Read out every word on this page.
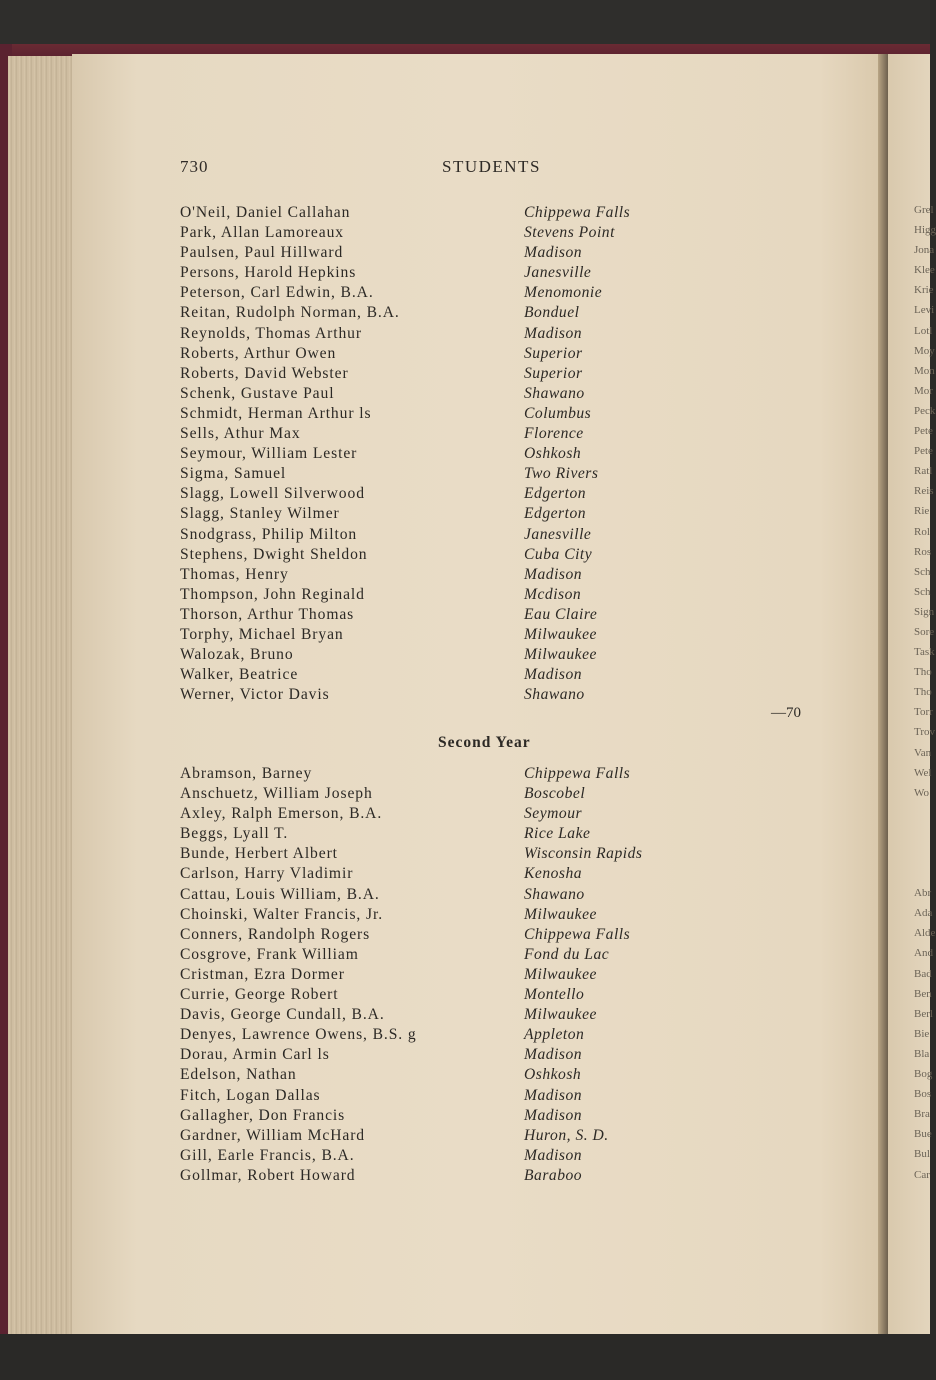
Grel
Higg
Jona
Klee
Krie
Levi
Lotl
Moy
Mon
Mor
Peck
Pete
Pete
Ratl
Reis
Rie
Rol
Ros
Sch
Sch
Sign
Sore
Task
Tho
Tho
Torr
Trov
Van
Wel
Wo
Abr
Ada
Alde
And
Bad
Ben
Berl
Bie
Bla
Bog
Bos
Bra
Bue
Bul
Car
730	STUDENTS
O'Neil, Daniel Callahan	Chippewa Falls
Park, Allan Lamoreaux	Stevens Point
Paulsen, Paul Hillward	Madison
Persons, Harold Hepkins	Janesville
Peterson, Carl Edwin, B.A.	Menomonie
Reitan, Rudolph Norman, B.A.	Bonduel
Reynolds, Thomas Arthur	Madison
Roberts, Arthur Owen	Superior
Roberts, David Webster	Superior
Schenk, Gustave Paul	Shawano
Schmidt, Herman Arthur ls	Columbus
Sells, Athur Max	Florence
Seymour, William Lester	Oshkosh
Sigma, Samuel	Two Rivers
Slagg, Lowell Silverwood	Edgerton
Slagg, Stanley Wilmer	Edgerton
Snodgrass, Philip Milton	Janesville
Stephens, Dwight Sheldon	Cuba City
Thomas, Henry	Madison
Thompson, John Reginald	Mcdison
Thorson, Arthur Thomas	Eau Claire
Torphy, Michael Bryan	Milwaukee
Walozak, Bruno	Milwaukee
Walker, Beatrice	Madison
Werner, Victor Davis	Shawano
—70
Second Year
Abramson, Barney	Chippewa Falls
Anschuetz, William Joseph	Boscobel
Axley, Ralph Emerson, B.A.	Seymour
Beggs, Lyall T.	Rice Lake
Bunde, Herbert Albert	Wisconsin Rapids
Carlson, Harry Vladimir	Kenosha
Cattau, Louis William, B.A.	Shawano
Choinski, Walter Francis, Jr.	Milwaukee
Conners, Randolph Rogers	Chippewa Falls
Cosgrove, Frank William	Fond du Lac
Cristman, Ezra Dormer	Milwaukee
Currie, George Robert	Montello
Davis, George Cundall, B.A.	Milwaukee
Denyes, Lawrence Owens, B.S. g	Appleton
Dorau, Armin Carl ls	Madison
Edelson, Nathan	Oshkosh
Fitch, Logan Dallas	Madison
Gallagher, Don Francis	Madison
Gardner, William McHard	Huron, S. D.
Gill, Earle Francis, B.A.	Madison
Gollmar, Robert Howard	Baraboo
